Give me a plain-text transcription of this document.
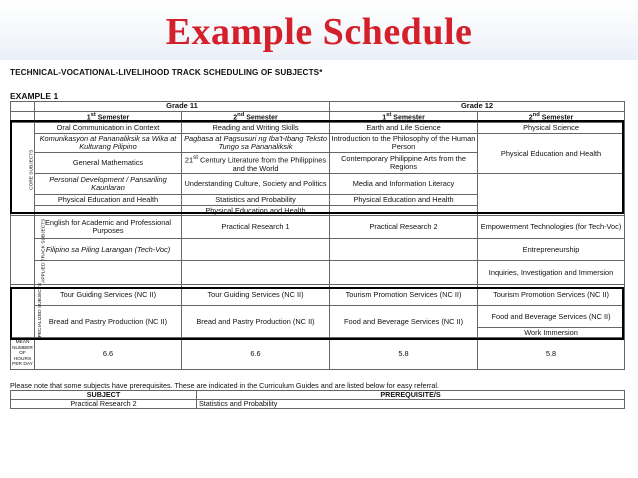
Example Schedule
TECHNICAL-VOCATIONAL-LIVELIHOOD TRACK SCHEDULING OF SUBJECTS*
EXAMPLE 1
	Grade 11		Grade 12	
	1st Semester	2nd Semester	1st Semester	2nd Semester
CORE SUBJECTS	Oral Communication in Context	Reading and Writing Skills	Earth and Life Science	Physical Science
	Komunikasyon at Pananaliksik sa Wika at Kulturang Pilipino	Pagbasa at Pagsusuri ng Iba't-Ibang Teksto Tungo sa Pananaliksik	Introduction to the Philosophy of the Human Person	Physical Education and Health
	General Mathematics	21st Century Literature from the Philippines and the World	Contemporary Philippine Arts from the Regions	
	Personal Development / Pansariling Kaunlaran	Understanding Culture, Society and Politics	Media and Information Literacy	
	Physical Education and Health	Statistics and Probability	Physical Education and Health	
		Physical Education and Health		
APPLIED TRACK SUBJECTS	English for Academic and Professional Purposes	Practical Research 1	Practical Research 2	Empowerment Technologies (for Tech-Voc)
	Filipino sa Piling Larangan (Tech-Voc)			Entrepreneurship
				Inquiries, Investigation and Immersion
SPECIALIZED SUBJECTS	Tour Guiding Services (NC II)	Tour Guiding Services (NC II)	Tourism Promotion Services (NC II)	Tourism Promotion Services (NC II)
	Bread and Pastry Production (NC II)	Bread and Pastry Production (NC II)	Food and Beverage Services (NC II)	Food and Beverage Services (NC II)
				Work Immersion
MEAN NUMBER OF HOURS PER DAY	6.6	6.6	5.8	5.8
Please note that some subjects have prerequisites. These are indicated in the Curriculum Guides and are listed below for easy referral.
SUBJECT	PREREQUISITE/S
Practical Research 2	Statistics and Probability
